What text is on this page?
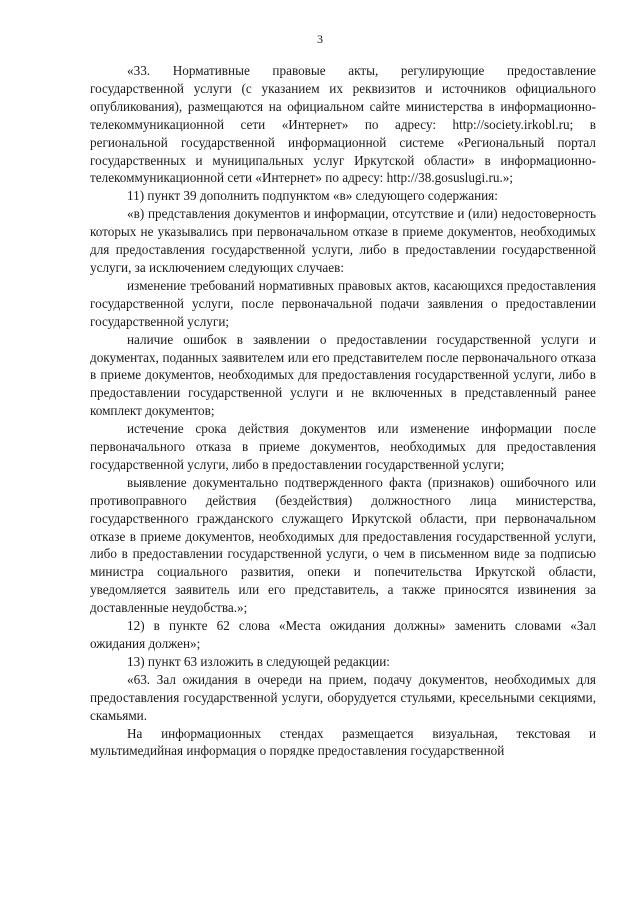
3

«33. Нормативные правовые акты, регулирующие предоставление государственной услуги (с указанием их реквизитов и источников официального опубликования), размещаются на официальном сайте министерства в информационно-телекоммуникационной сети «Интернет» по адресу: http://society.irkobl.ru; в региональной государственной информационной системе «Региональный портал государственных и муниципальных услуг Иркутской области» в информационно-телекоммуникационной сети «Интернет» по адресу: http://38.gosuslugi.ru.»;

11) пункт 39 дополнить подпунктом «в» следующего содержания:

«в) представления документов и информации, отсутствие и (или) недостоверность которых не указывались при первоначальном отказе в приеме документов, необходимых для предоставления государственной услуги, либо в предоставлении государственной услуги, за исключением следующих случаев:

изменение требований нормативных правовых актов, касающихся предоставления государственной услуги, после первоначальной подачи заявления о предоставлении государственной услуги;

наличие ошибок в заявлении о предоставлении государственной услуги и документах, поданных заявителем или его представителем после первоначального отказа в приеме документов, необходимых для предоставления государственной услуги, либо в предоставлении государственной услуги и не включенных в представленный ранее комплект документов;

истечение срока действия документов или изменение информации после первоначального отказа в приеме документов, необходимых для предоставления государственной услуги, либо в предоставлении государственной услуги;

выявление документально подтвержденного факта (признаков) ошибочного или противоправного действия (бездействия) должностного лица министерства, государственного гражданского служащего Иркутской области, при первоначальном отказе в приеме документов, необходимых для предоставления государственной услуги, либо в предоставлении государственной услуги, о чем в письменном виде за подписью министра социального развития, опеки и попечительства Иркутской области, уведомляется заявитель или его представитель, а также приносятся извинения за доставленные неудобства.»;

12) в пункте 62 слова «Места ожидания должны» заменить словами «Зал ожидания должен»;

13) пункт 63 изложить в следующей редакции:

«63. Зал ожидания в очереди на прием, подачу документов, необходимых для предоставления государственной услуги, оборудуется стульями, кресельными секциями, скамьями.

На информационных стендах размещается визуальная, текстовая и мультимедийная информация о порядке предоставления государственной
